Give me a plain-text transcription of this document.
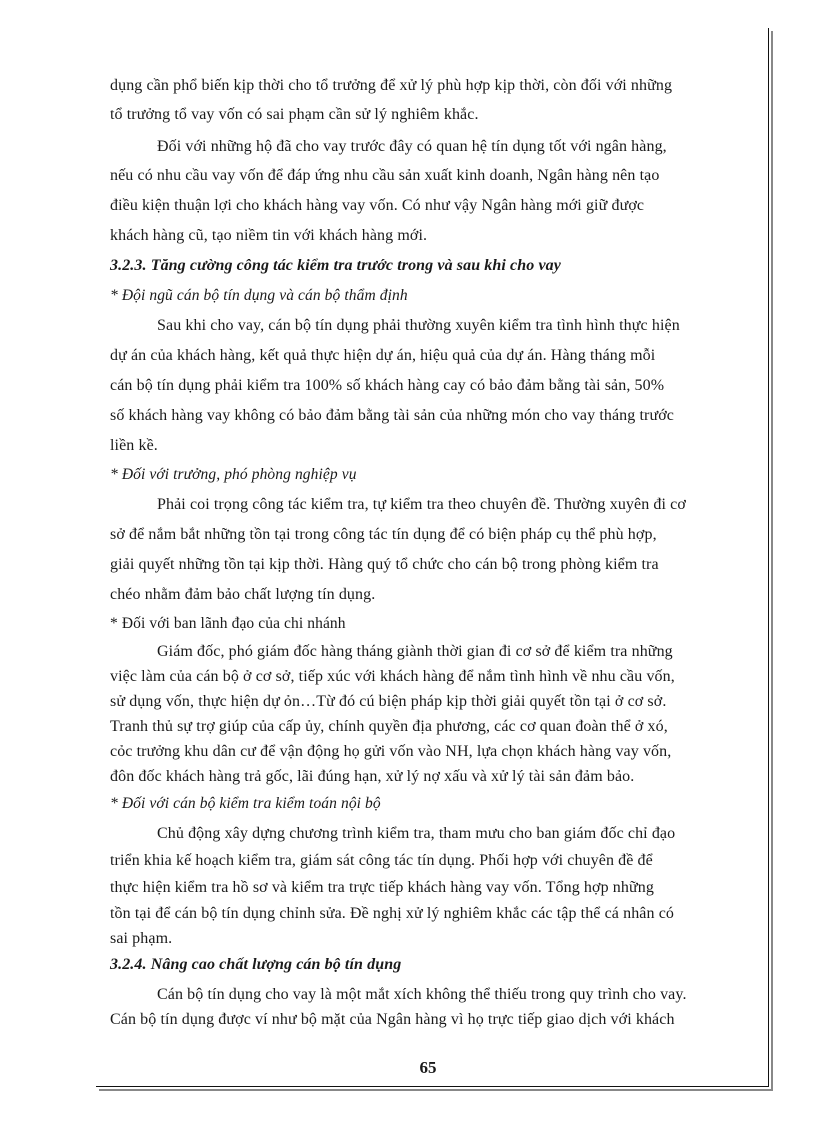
dụng cần phổ biến kịp thời cho tổ trưởng để xử lý phù hợp kịp thời, còn đối với những
tổ trưởng tổ vay vốn có sai phạm cần sử lý nghiêm khắc.
Đối với những hộ đã cho vay trước đây có quan hệ tín dụng tốt với ngân hàng,
nếu có nhu cầu vay vốn để đáp ứng nhu cầu sản xuất kinh doanh, Ngân hàng nên tạo
điều kiện thuận lợi cho khách hàng vay vốn. Có như vậy Ngân hàng mới giữ được
khách hàng cũ, tạo niềm tin với khách hàng mới.
3.2.3. Tăng cường công tác kiểm tra trước trong và sau khi cho vay
* Đội ngũ cán bộ tín dụng và cán bộ thẩm định
Sau khi cho vay, cán bộ tín dụng phải thường xuyên kiểm tra tình hình thực hiện
dự án của khách hàng, kết quả thực hiện dự án, hiệu quả của dự án. Hàng tháng mỗi
cán bộ tín dụng phải kiểm tra 100% số khách hàng cay có bảo đảm bằng tài sản, 50%
số khách hàng vay không có bảo đảm bằng tài sản của những món cho vay tháng trước
liền kề.
* Đối với trưởng, phó phòng nghiệp vụ
Phải coi trọng công tác kiểm tra, tự kiểm tra theo chuyên đề. Thường xuyên đi cơ
sở để nắm bắt những tồn tại trong công tác tín dụng để có biện pháp cụ thể phù hợp,
giải quyết những tồn tại kịp thời. Hàng quý tổ chức cho cán bộ trong phòng kiểm tra
chéo nhằm đảm bảo chất lượng tín dụng.
* Đối với ban lãnh đạo của chi nhánh
Giám đốc, phó giám đốc hàng tháng giành thời gian đi cơ sở để kiểm tra những
việc làm của cán bộ ở cơ sở, tiếp xúc với khách hàng để nắm tình hình về nhu cầu vốn,
sử dụng vốn, thực hiện dự ỏn…Từ đó cú biện pháp kịp thời giải quyết tồn tại ở cơ sở.
Tranh thủ sự trợ giúp của cấp ủy, chính quyền địa phương, các cơ quan đoàn thể ở xó,
cỏc trưởng khu dân cư để vận động họ gửi vốn vào NH, lựa chọn khách hàng vay vốn,
đôn đốc khách hàng trả gốc, lãi đúng hạn, xử lý nợ xấu và xử lý tài sản đảm bảo.
* Đối với cán bộ kiểm tra kiểm toán nội bộ
Chủ động xây dựng chương trình kiểm tra, tham mưu cho ban giám đốc chỉ đạo
triển khia kế hoạch kiểm tra, giám sát công tác tín dụng. Phối hợp với chuyên đề để
thực hiện kiểm tra hồ sơ và kiểm tra trực tiếp khách hàng vay vốn. Tổng hợp những
tồn tại để cán bộ tín dụng chỉnh sửa. Đề nghị xử lý nghiêm khắc các tập thể cá nhân có
sai phạm.
3.2.4. Nâng cao chất lượng cán bộ tín dụng
Cán bộ tín dụng cho vay là một mắt xích không thể thiếu trong quy trình cho vay.
Cán bộ tín dụng được ví như bộ mặt của Ngân hàng vì họ trực tiếp giao dịch với khách
65
